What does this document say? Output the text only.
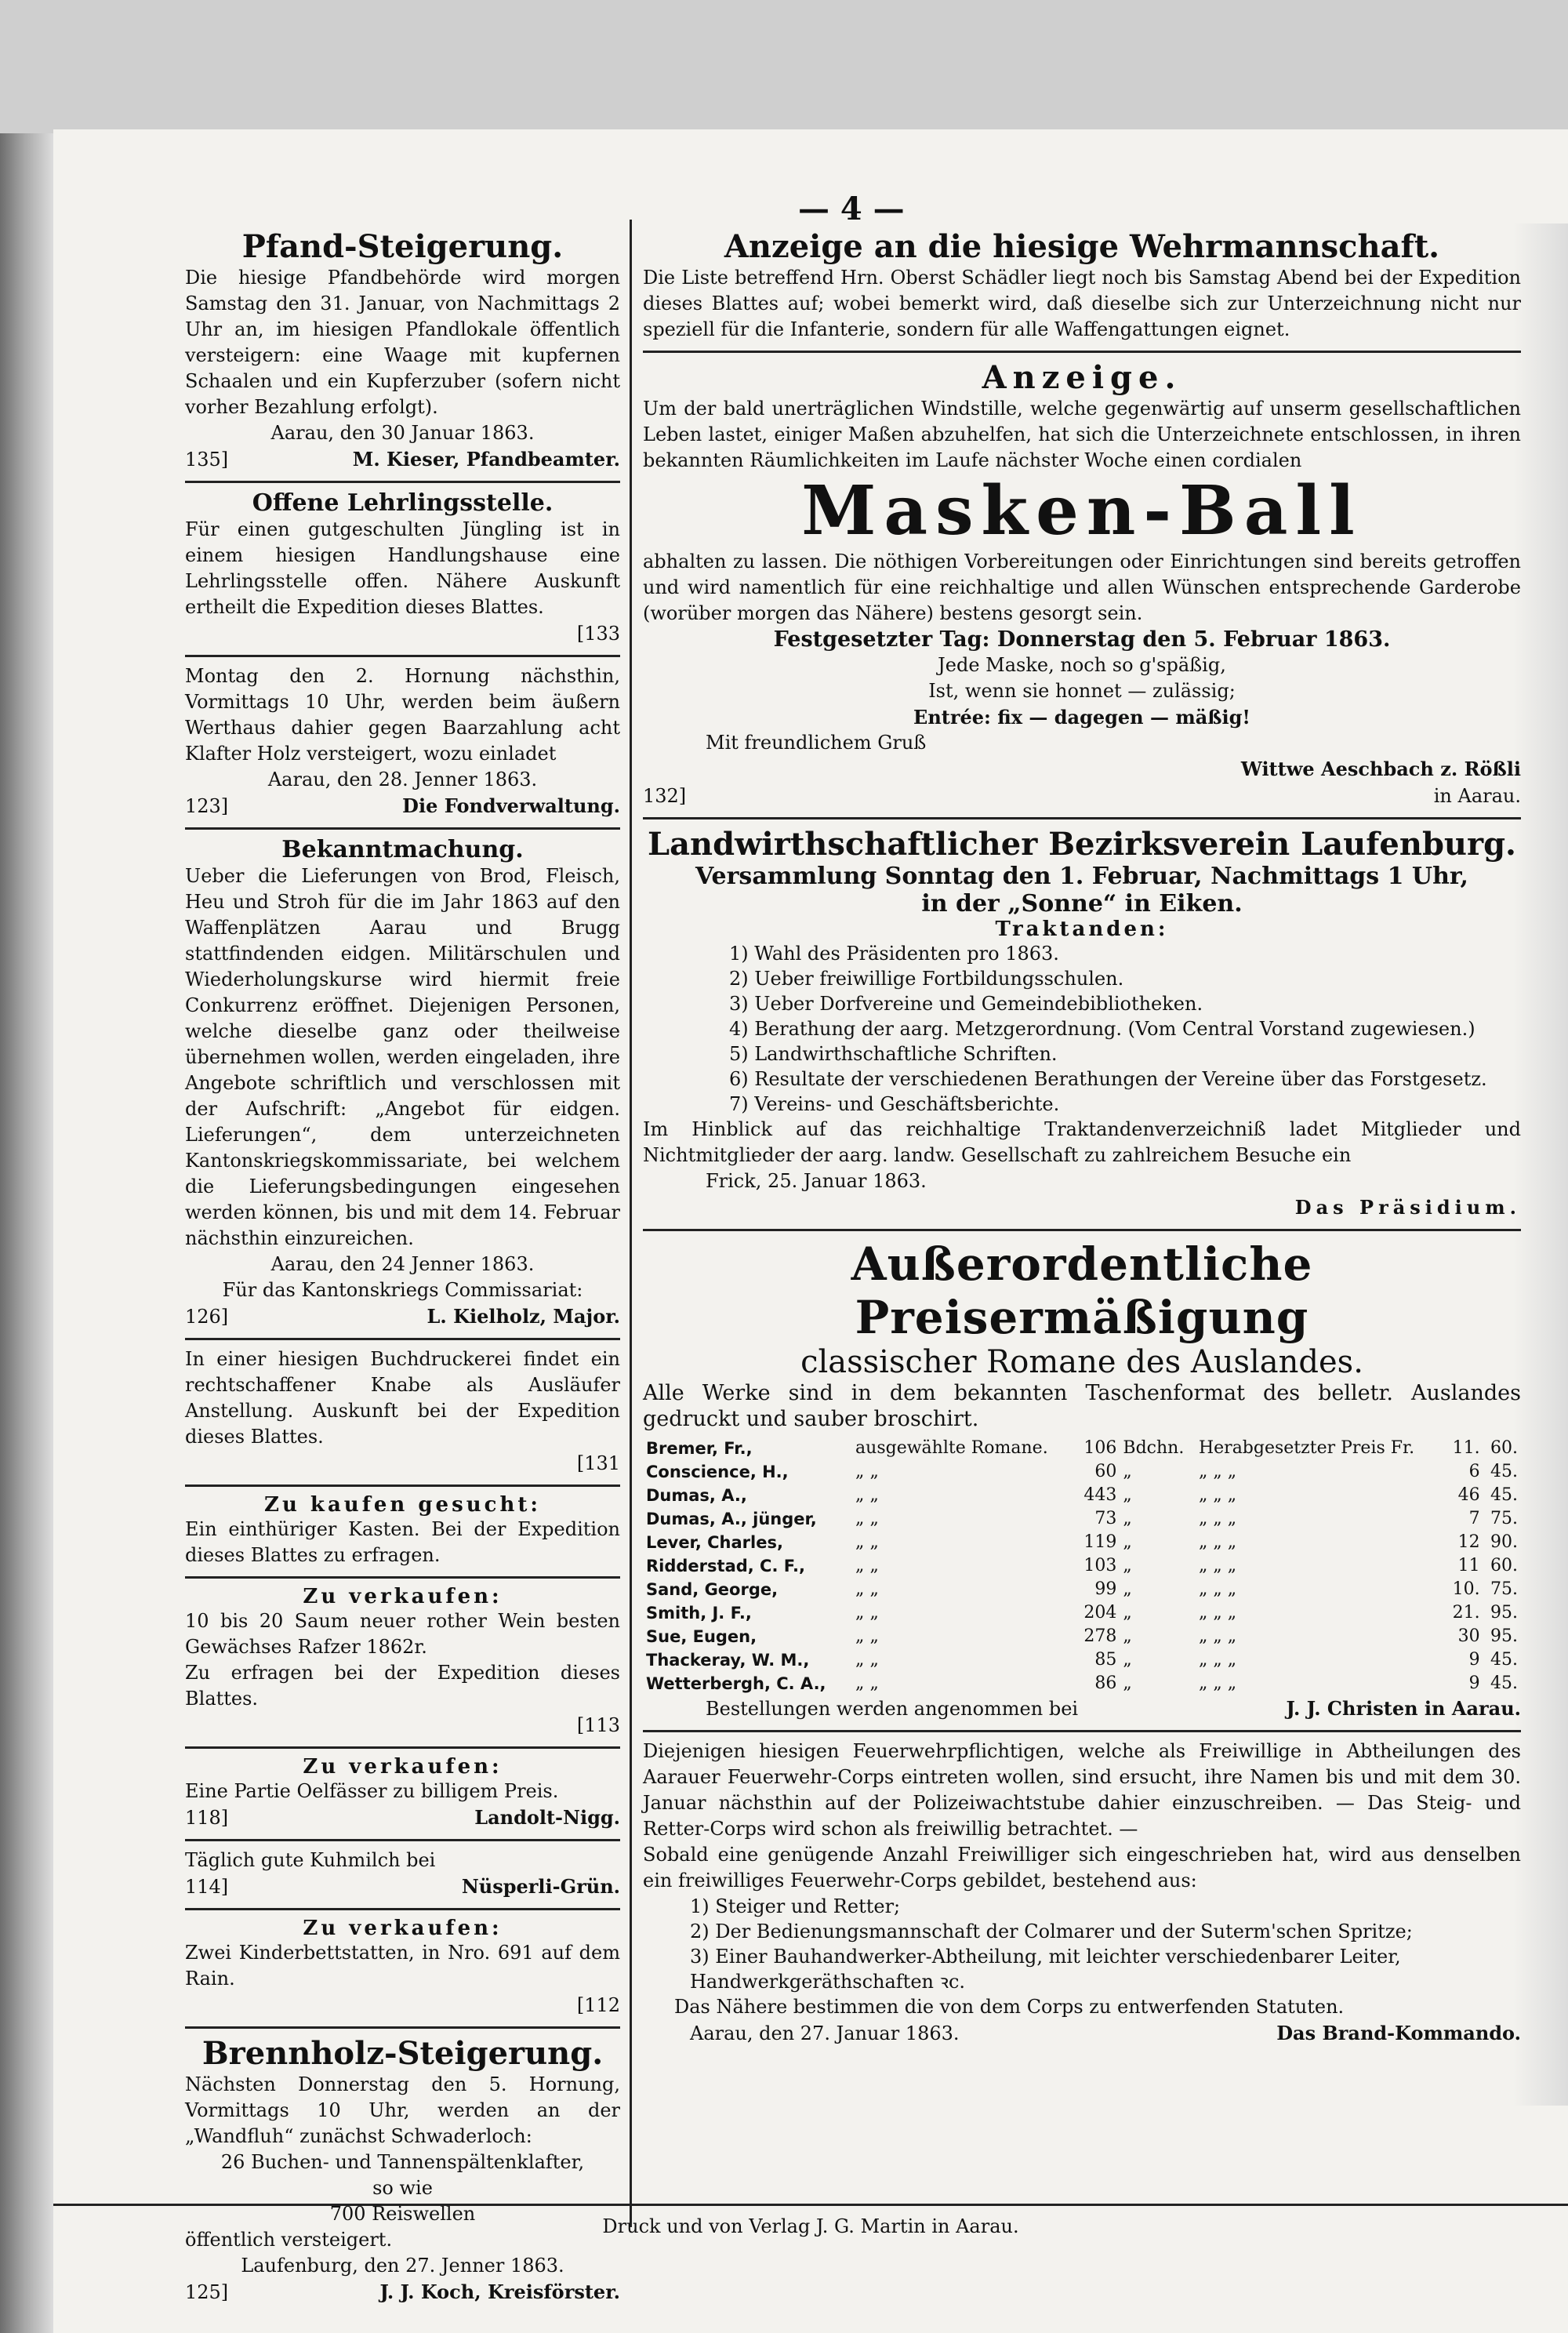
— 4 —
Pfand-Steigerung.

Die hiesige Pfandbehörde wird morgen Samstag den 31. Januar, von Nachmittags 2 Uhr an, im hiesigen Pfandlokale öffentlich versteigern: eine Waage mit kupfernen Schaalen und ein Kupferzuber (sofern nicht vorher Bezahlung erfolgt).

Aarau, den 30 Januar 1863.

135]	M. Kieser, Pfandbeamter.
Offene Lehrlingsstelle.

Für einen gutgeschulten Jüngling ist in einem hiesigen Handlungshause eine Lehrlingsstelle offen. Nähere Auskunft ertheilt die Expedition dieses Blattes.

[133

Montag den 2. Hornung nächsthin, Vormittags 10 Uhr, werden beim äußern Werthaus dahier gegen Baarzahlung acht Klafter Holz versteigert, wozu einladet

Aarau, den 28. Jenner 1863.

123]	Die Fondverwaltung.
Bekanntmachung.

Ueber die Lieferungen von Brod, Fleisch, Heu und Stroh für die im Jahr 1863 auf den Waffenplätzen Aarau und Brugg stattfindenden eidgen. Militärschulen und Wiederholungskurse wird hiermit freie Conkurrenz eröffnet. Diejenigen Personen, welche dieselbe ganz oder theilweise übernehmen wollen, werden eingeladen, ihre Angebote schriftlich und verschlossen mit der Aufschrift: „Angebot für eidgen. Lieferungen“, dem unterzeichneten Kantonskriegskommissariate, bei welchem die Lieferungsbedingungen eingesehen werden können, bis und mit dem 14. Februar nächsthin einzureichen.

Aarau, den 24 Jenner 1863.

Für das Kantonskriegs Commissariat:

126]	L. Kielholz, Major.

In einer hiesigen Buchdruckerei findet ein rechtschaffener Knabe als Ausläufer Anstellung. Auskunft bei der Expedition dieses Blattes.

[131
Zu kaufen gesucht:

Ein einthüriger Kasten. Bei der Expedition dieses Blattes zu erfragen.

Zu verkaufen:

10 bis 20 Saum neuer rother Wein besten Gewächses Rafzer 1862r.

Zu erfragen bei der Expedition dieses Blattes.

[113
Zu verkaufen:

Eine Partie Oelfässer zu billigem Preis.

118]	Landolt-Nigg.

Täglich gute Kuhmilch bei

114]	Nüsperli-Grün.
Zu verkaufen:

Zwei Kinderbettstatten, in Nro. 691 auf dem Rain.

[112
Brennholz-Steigerung.

Nächsten Donnerstag den 5. Hornung, Vormittags 10 Uhr, werden an der „Wandfluh“ zunächst Schwaderloch:

26 Buchen- und Tannenspältenklafter,

so wie

700 Reiswellen

öffentlich versteigert.

Laufenburg, den 27. Jenner 1863.

125]	J. J. Koch, Kreisförster.
Anzeige an die hiesige Wehrmannschaft.

Die Liste betreffend Hrn. Oberst Schädler liegt noch bis Samstag Abend bei der Expedition dieses Blattes auf; wobei bemerkt wird, daß dieselbe sich zur Unterzeichnung nicht nur speziell für die Infanterie, sondern für alle Waffengattungen eignet.

Anzeige.

Um der bald unerträglichen Windstille, welche gegenwärtig auf unserm gesellschaftlichen Leben lastet, einiger Maßen abzuhelfen, hat sich die Unterzeichnete entschlossen, in ihren bekannten Räumlichkeiten im Laufe nächster Woche einen cordialen

Masken-Ball

abhalten zu lassen. Die nöthigen Vorbereitungen oder Einrichtungen sind bereits getroffen und wird namentlich für eine reichhaltige und allen Wünschen entsprechende Garderobe (worüber morgen das Nähere) bestens gesorgt sein.

Festgesetzter Tag: Donnerstag den 5. Februar 1863.

Jede Maske, noch so g'späßig,

Ist, wenn sie honnet — zulässig;

Entrée: fix — dagegen — mäßig!

Mit freundlichem Gruß

Wittwe Aeschbach z. Rößli
132]	in Aarau.
Landwirthschaftlicher Bezirksverein Laufenburg.
Versammlung Sonntag den 1. Februar, Nachmittags 1 Uhr,
in der „Sonne“ in Eiken.
Traktanden:
1) Wahl des Präsidenten pro 1863.
2) Ueber freiwillige Fortbildungsschulen.
3) Ueber Dorfvereine und Gemeindebibliotheken.
4) Berathung der aarg. Metzgerordnung. (Vom Central Vorstand zugewiesen.)
5) Landwirthschaftliche Schriften.
6) Resultate der verschiedenen Berathungen der Vereine über das Forstgesetz.
7) Vereins- und Geschäftsberichte.

Im Hinblick auf das reichhaltige Traktandenverzeichniß ladet Mitglieder und Nichtmitglieder der aarg. landw. Gesellschaft zu zahlreichem Besuche ein

Frick, 25. Januar 1863.

Das Präsidium.
Außerordentliche Preisermäßigung
classischer Romane des Auslandes.

Alle Werke sind in dem bekannten Taschenformat des belletr. Auslandes gedruckt und sauber broschirt.

Bremer, Fr.,	ausgewählte Romane.	106	Bdchn.	Herabgesetzter Preis Fr.	11.	60.
Conscience, H.,	„ „	60	„	„ „ „	6	45.
Dumas, A.,	„ „	443	„	„ „ „	46	45.
Dumas, A., jünger,	„ „	73	„	„ „ „	7	75.
Lever, Charles,	„ „	119	„	„ „ „	12	90.
Ridderstad, C. F.,	„ „	103	„	„ „ „	11	60.
Sand, George,	„ „	99	„	„ „ „	10.	75.
Smith, J. F.,	„ „	204	„	„ „ „	21.	95.
Sue, Eugen,	„ „	278	„	„ „ „	30	95.
Thackeray, W. M.,	„ „	85	„	„ „ „	9	45.
Wetterbergh, C. A.,	„ „	86	„	„ „ „	9	45.
Bestellungen werden angenommen bei	J. J. Christen in Aarau.

Diejenigen hiesigen Feuerwehrpflichtigen, welche als Freiwillige in Abtheilungen des Aarauer Feuerwehr-Corps eintreten wollen, sind ersucht, ihre Namen bis und mit dem 30. Januar nächsthin auf der Polizeiwachtstube dahier einzuschreiben. — Das Steig- und Retter-Corps wird schon als freiwillig betrachtet. —

Sobald eine genügende Anzahl Freiwilliger sich eingeschrieben hat, wird aus denselben ein freiwilliges Feuerwehr-Corps gebildet, bestehend aus:

1) Steiger und Retter;
2) Der Bedienungsmannschaft der Colmarer und der Suterm'schen Spritze;
3) Einer Bauhandwerker-Abtheilung, mit leichter verschiedenbarer Leiter, Handwerkgeräthschaften ꝛc.

Das Nähere bestimmen die von dem Corps zu entwerfenden Statuten.

Aarau, den 27. Januar 1863.	Das Brand-Kommando.
Druck und von Verlag J. G. Martin in Aarau.
